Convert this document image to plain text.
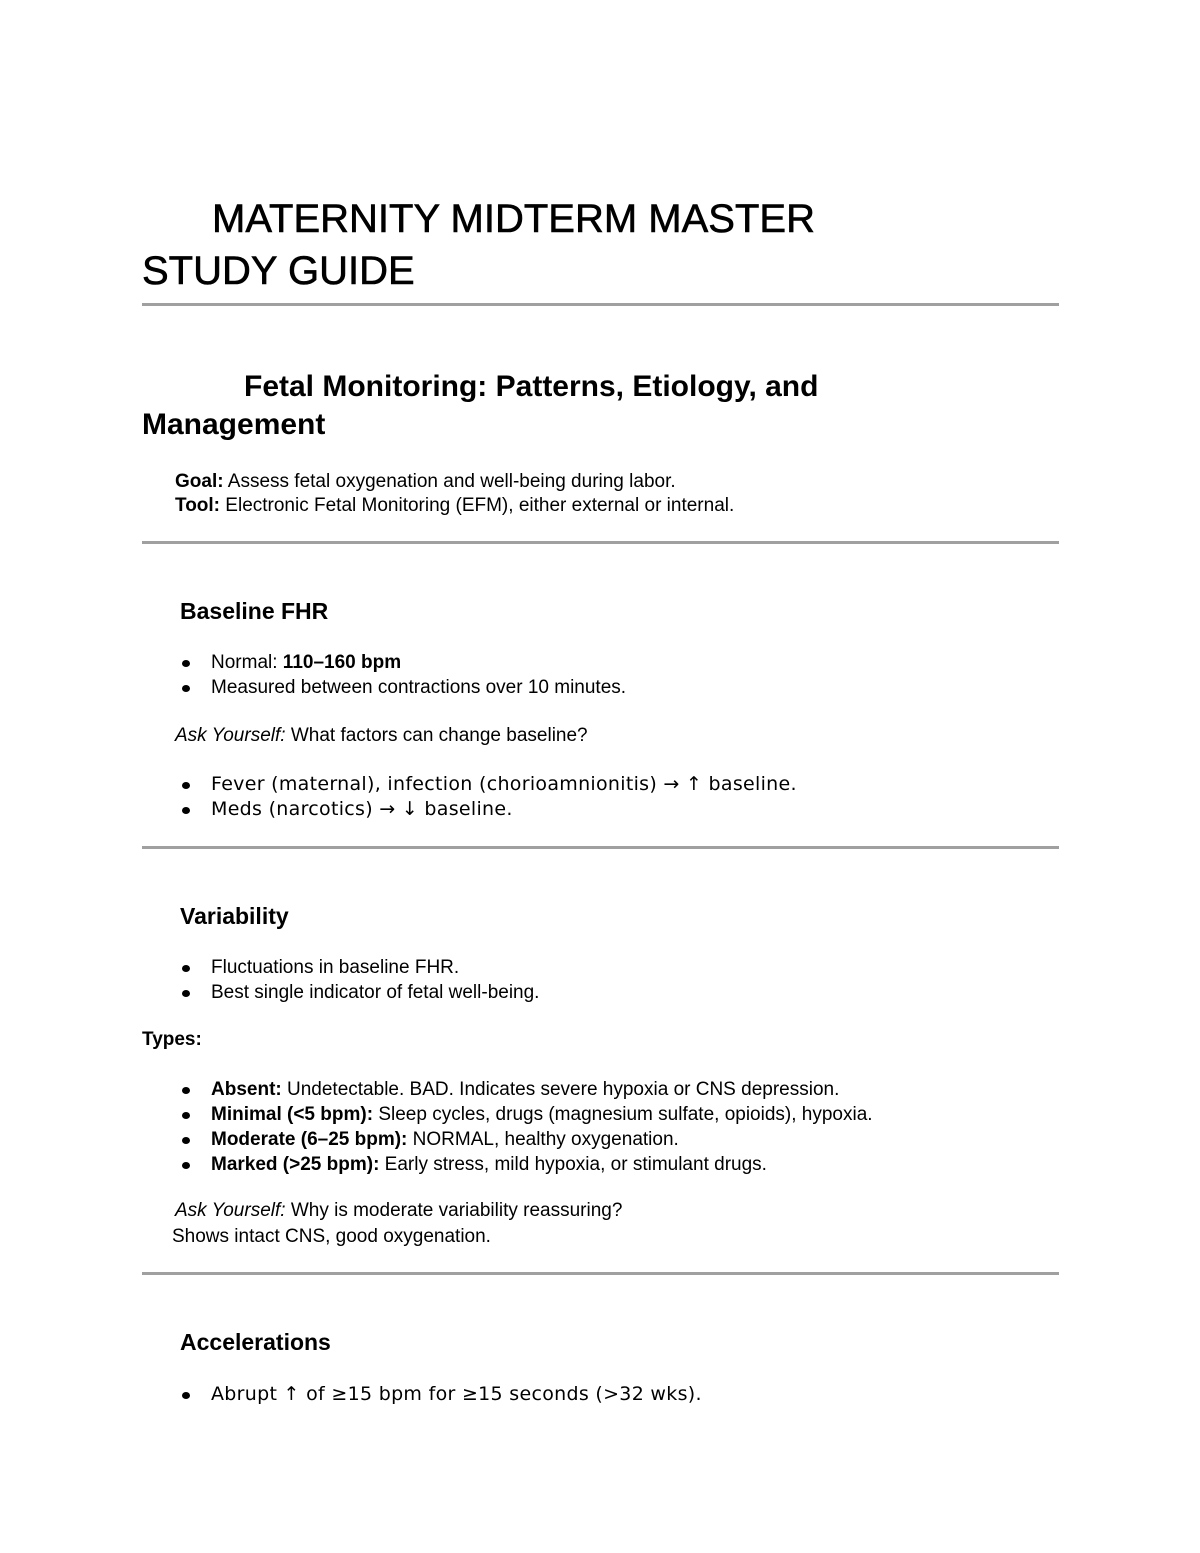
MATERNITY MIDTERM MASTER
STUDY GUIDE
Fetal Monitoring: Patterns, Etiology, and
Management
Goal: Assess fetal oxygenation and well-being during labor.
Tool: Electronic Fetal Monitoring (EFM), either external or internal.
Baseline FHR
Normal: 110–160 bpm
Measured between contractions over 10 minutes.
Ask Yourself: What factors can change baseline?
Fever (maternal), infection (chorioamnionitis) → ↑ baseline.
Meds (narcotics) → ↓ baseline.
Variability
Fluctuations in baseline FHR.
Best single indicator of fetal well-being.
Types:
Absent: Undetectable. BAD. Indicates severe hypoxia or CNS depression.
Minimal (<5 bpm): Sleep cycles, drugs (magnesium sulfate, opioids), hypoxia.
Moderate (6–25 bpm): NORMAL, healthy oxygenation.
Marked (>25 bpm): Early stress, mild hypoxia, or stimulant drugs.
Ask Yourself: Why is moderate variability reassuring?
Shows intact CNS, good oxygenation.
Accelerations
Abrupt ↑ of ≥15 bpm for ≥15 seconds (>32 wks).
